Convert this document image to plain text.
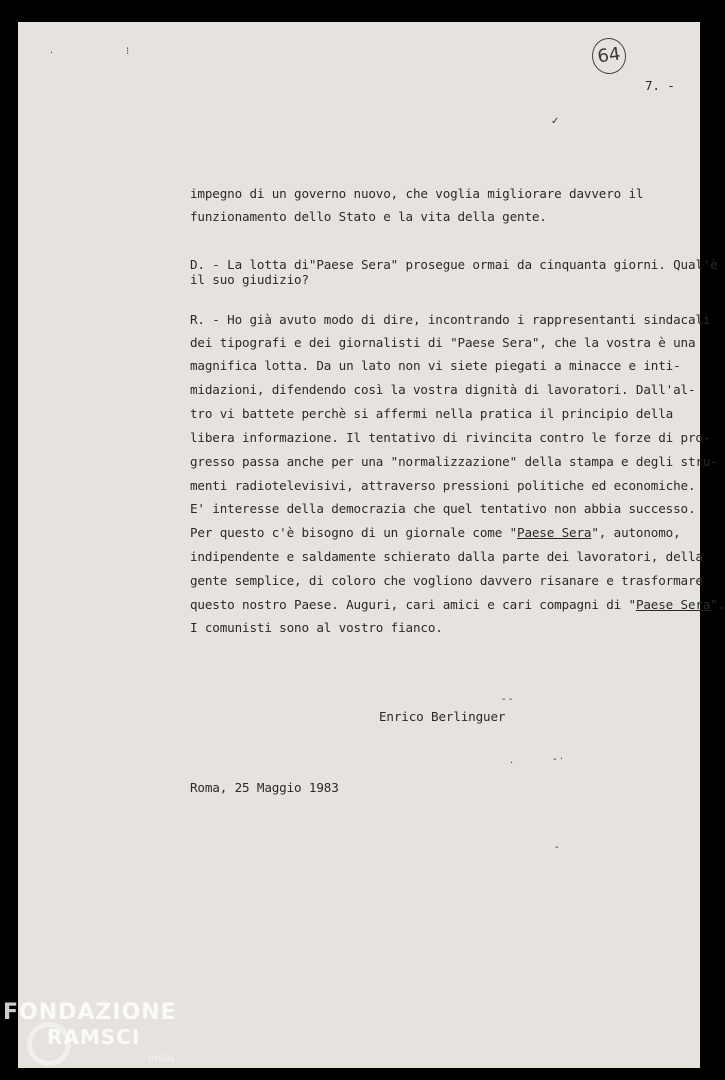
64
7. -
·	⁝
✓
impegno di un governo nuovo, che voglia migliorare davvero il
funzionamento dello Stato e la vita della gente.
D. - La lotta di"Paese Sera" prosegue ormai da cinquanta giorni. Qual'è
il suo giudizio?
R. - Ho già avuto modo di dire, incontrando i rappresentanti sindacali
dei tipografi e dei giornalisti di "Paese Sera", che la vostra è una
magnifica lotta. Da un lato non vi siete piegati a minacce e inti-
midazioni, difendendo così la vostra dignità di lavoratori. Dall'al-
tro vi battete perchè si affermi nella pratica il principio della
libera informazione. Il tentativo di rivincita contro le forze di pro-
gresso passa anche per una "normalizzazione" della stampa e degli stru-
menti radiotelevisivi, attraverso pressioni politiche ed economiche.
E' interesse della democrazia che quel tentativo non abbia successo.
Per questo c'è bisogno di un giornale come "Paese Sera", autonomo,
indipendente e saldamente schierato dalla parte dei lavoratori, della
gente semplice, di coloro che vogliono davvero risanare e trasformare
questo nostro Paese. Auguri, cari amici e cari compagni di "Paese Sera".
I comunisti sono al vostro fianco.
- -
Enrico Berlinguer
·	- ·
Roma, 25 Maggio 1983
-
FONDAZIONE
RAMSCI
onlus
